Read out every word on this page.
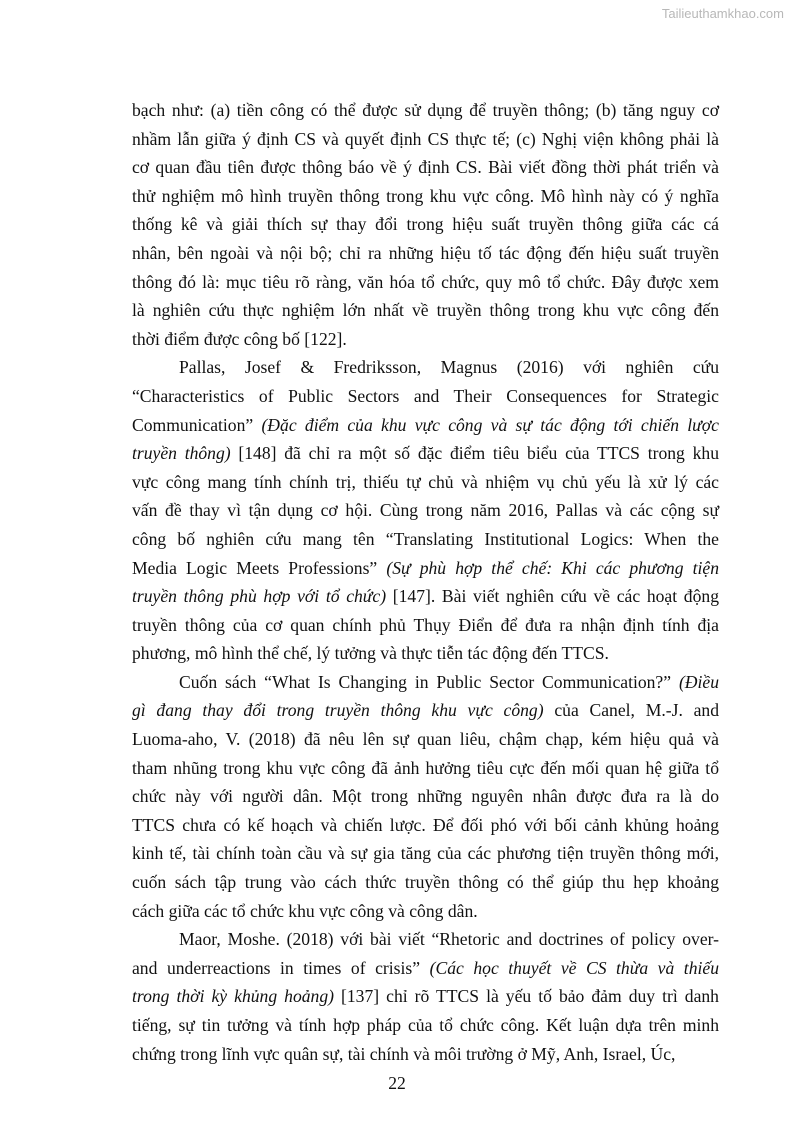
Tailieuthamkhao.com
bạch như: (a) tiền công có thể được sử dụng để truyền thông; (b) tăng nguy cơ
nhầm lẫn giữa ý định CS và quyết định CS thực tế; (c) Nghị viện không phải là
cơ quan đầu tiên được thông báo về ý định CS. Bài viết đồng thời phát triển và
thử nghiệm mô hình truyền thông trong khu vực công. Mô hình này có ý nghĩa
thống kê và giải thích sự thay đổi trong hiệu suất truyền thông giữa các cá
nhân, bên ngoài và nội bộ; chỉ ra những hiệu tố tác động đến hiệu suất truyền
thông đó là: mục tiêu rõ ràng, văn hóa tổ chức, quy mô tổ chức. Đây được xem
là nghiên cứu thực nghiệm lớn nhất về truyền thông trong khu vực công đến
thời điểm được công bố [122].
Pallas, Josef & Fredriksson, Magnus (2016) với nghiên cứu
“Characteristics of Public Sectors and Their Consequences for Strategic
Communication” (Đặc điểm của khu vực công và sự tác động tới chiến lược
truyền thông) [148] đã chỉ ra một số đặc điểm tiêu biểu của TTCS trong khu
vực công mang tính chính trị, thiếu tự chủ và nhiệm vụ chủ yếu là xử lý các
vấn đề thay vì tận dụng cơ hội. Cùng trong năm 2016, Pallas và các cộng sự
công bố nghiên cứu mang tên “Translating Institutional Logics: When the
Media Logic Meets Professions” (Sự phù hợp thể chế: Khi các phương tiện
truyền thông phù hợp với tổ chức) [147]. Bài viết nghiên cứu về các hoạt động
truyền thông của cơ quan chính phủ Thụy Điển để đưa ra nhận định tính địa
phương, mô hình thể chế, lý tưởng và thực tiễn tác động đến TTCS.
Cuốn sách “What Is Changing in Public Sector Communication?” (Điều
gì đang thay đổi trong truyền thông khu vực công) của Canel, M.-J. and
Luoma-aho, V. (2018) đã nêu lên sự quan liêu, chậm chạp, kém hiệu quả và
tham nhũng trong khu vực công đã ảnh hưởng tiêu cực đến mối quan hệ giữa tổ
chức này với người dân. Một trong những nguyên nhân được đưa ra là do
TTCS chưa có kế hoạch và chiến lược. Để đối phó với bối cảnh khủng hoảng
kinh tế, tài chính toàn cầu và sự gia tăng của các phương tiện truyền thông mới,
cuốn sách tập trung vào cách thức truyền thông có thể giúp thu hẹp khoảng
cách giữa các tổ chức khu vực công và công dân.
Maor, Moshe. (2018) với bài viết “Rhetoric and doctrines of policy over-
and underreactions in times of crisis” (Các học thuyết về CS thừa và thiếu
trong thời kỳ khủng hoảng) [137] chỉ rõ TTCS là yếu tố bảo đảm duy trì danh
tiếng, sự tin tưởng và tính hợp pháp của tổ chức công. Kết luận dựa trên minh
chứng trong lĩnh vực quân sự, tài chính và môi trường ở Mỹ, Anh, Israel, Úc,
22
